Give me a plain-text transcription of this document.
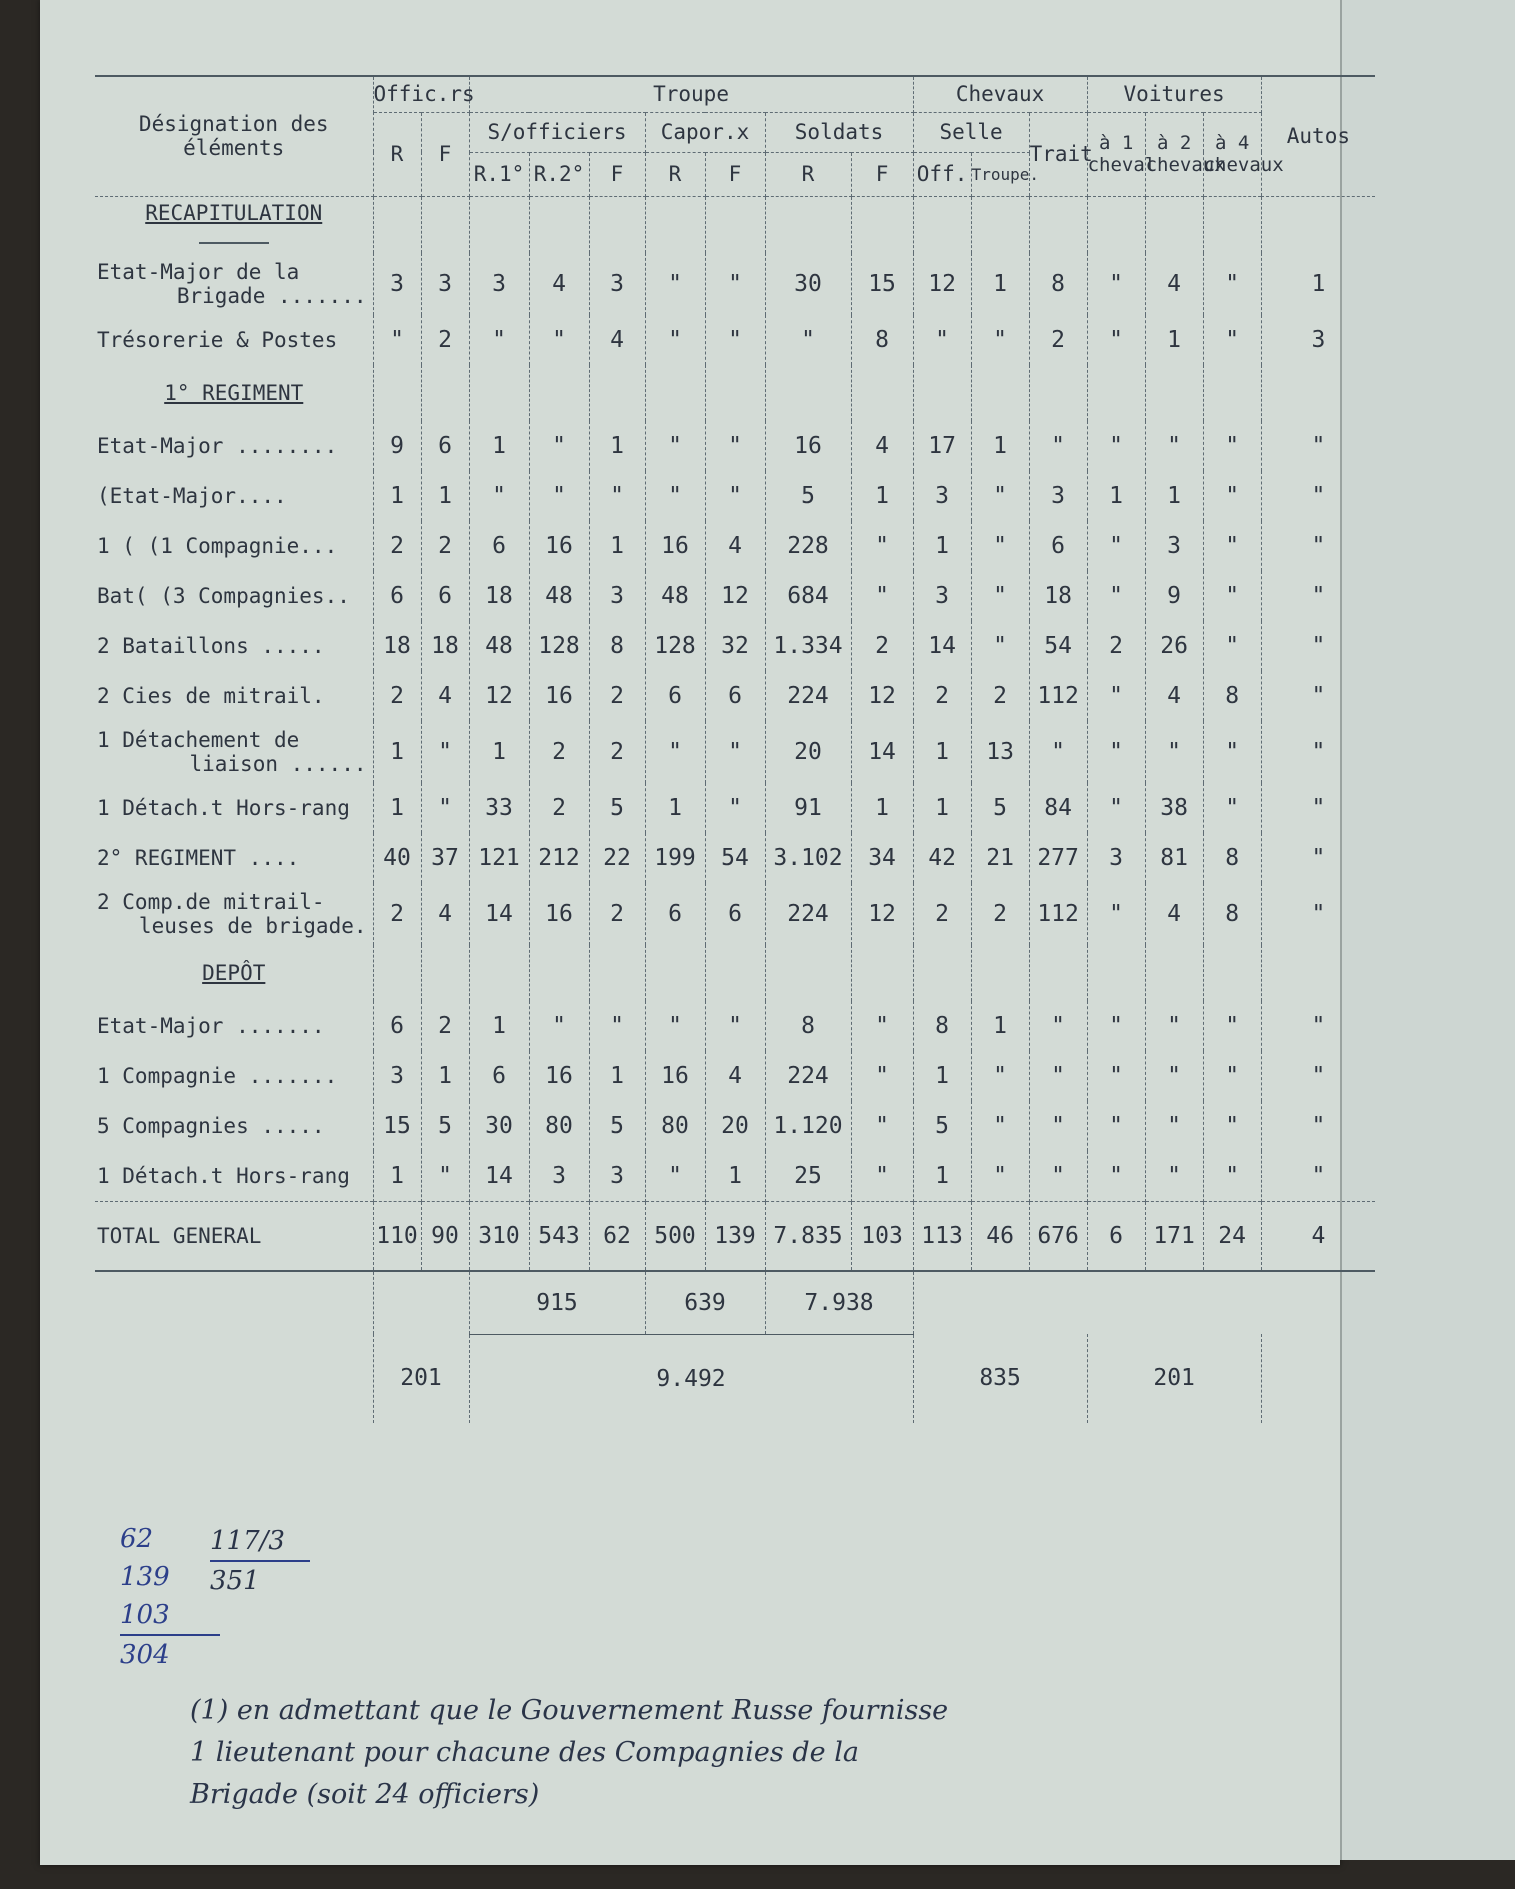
Désignation des éléments	Offic.rs		Troupe							Chevaux			Voitures			Autos
	R	F	S/officiers			Capor.x		Soldats		Selle		Trait	à 1 cheval	à 2 chevaux	à 4 chevaux	
			R.1°	R.2°	F	R	F	R	F	Off.	Troupe.					
RECAPITULATION

Etat-Major de la
Brigade .......	3	3	3	4	3	"	"	30	15	12	1	8	"	4	"	1

Trésorerie & Postes	"	2	"	"	4	"	"	"	8	"	"	2	"	1	"	3
1° REGIMENT																

Etat-Major ........	9	6	1	"	1	"	"	16	4	17	1	"	"	"	"	"

(Etat-Major....	1	1	"	"	"	"	"	5	1	3	"	3	1	1	"	"

1 ( (1 Compagnie...	2	2	6	16	1	16	4	228	"	1	"	6	"	3	"	"

Bat( (3 Compagnies..	6	6	18	48	3	48	12	684	"	3	"	18	"	9	"	"

2 Bataillons .....	18	18	48	128	8	128	32	1.334	2	14	"	54	2	26	"	"

2 Cies de mitrail.	2	4	12	16	2	6	6	224	12	2	2	112	"	4	8	"

1 Détachement de
liaison ......	1	"	1	2	2	"	"	20	14	1	13	"	"	"	"	"

1 Détach.t Hors-rang	1	"	33	2	5	1	"	91	1	1	5	84	"	38	"	"

2° REGIMENT ....	40	37	121	212	22	199	54	3.102	34	42	21	277	3	81	8	"

2 Comp.de mitrail-
leuses de brigade.	2	4	14	16	2	6	6	224	12	2	2	112	"	4	8	"
DEPÔT																

Etat-Major .......	6	2	1	"	"	"	"	8	"	8	1	"	"	"	"	"

1 Compagnie .......	3	1	6	16	1	16	4	224	"	1	"	"	"	"	"	"

5 Compagnies .....	15	5	30	80	5	80	20	1.120	"	5	"	"	"	"	"	"

1 Détach.t Hors-rang	1	"	14	3	3	"	1	25	"	1	"	"	"	"	"	"
TOTAL GENERAL	110	90	310	543	62	500	139	7.835	103	113	46	676	6	171	24	4
			915			639		7.938								
	201		9.492							835			201			
62
139
103
304
117/3
351
(1) en admettant que le Gouvernement Russe fournisse 1 lieutenant pour chacune des Compagnies de la Brigade (soit 24 officiers)
